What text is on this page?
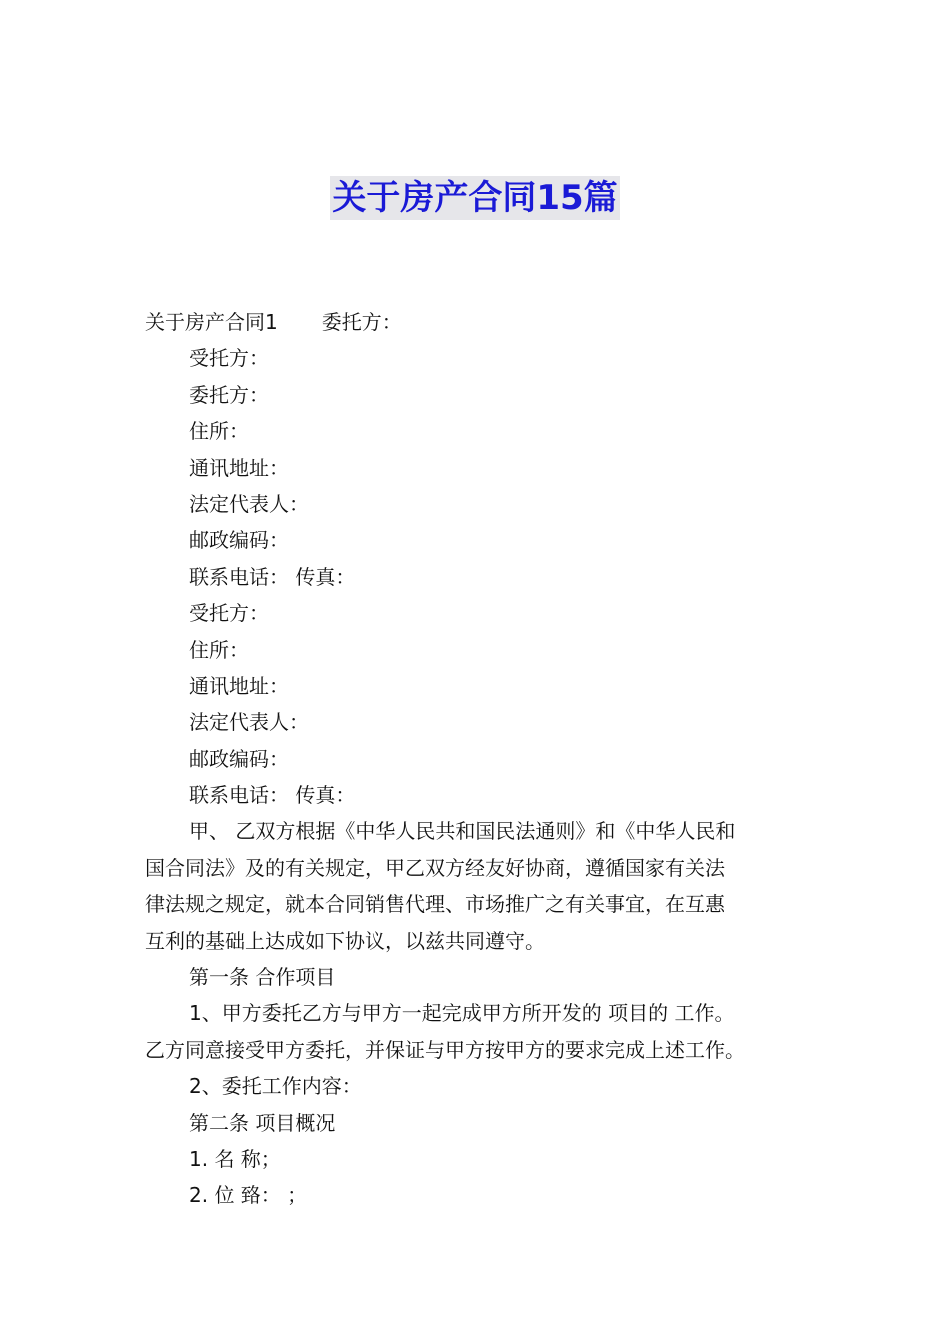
关于房产合同15篇
关于房产合同1 委托方：
受托方：
委托方：
住所：
通讯地址：
法定代表人：
邮政编码：
联系电话： 传真：
受托方：
住所：
通讯地址：
法定代表人：
邮政编码：
联系电话： 传真：
甲、 乙双方根据《中华人民共和国民法通则》和《中华人民和
国合同法》及的有关规定，甲乙双方经友好协商，遵循国家有关法
律法规之规定，就本合同销售代理、市场推广之有关事宜，在互惠
互利的基础上达成如下协议，以兹共同遵守。
第一条 合作项目
1、甲方委托乙方与甲方一起完成甲方所开发的 项目的 工作。
乙方同意接受甲方委托，并保证与甲方按甲方的要求完成上述工作。
2、委托工作内容：
第二条 项目概况
1. 名 称；
2. 位 臵： ；
